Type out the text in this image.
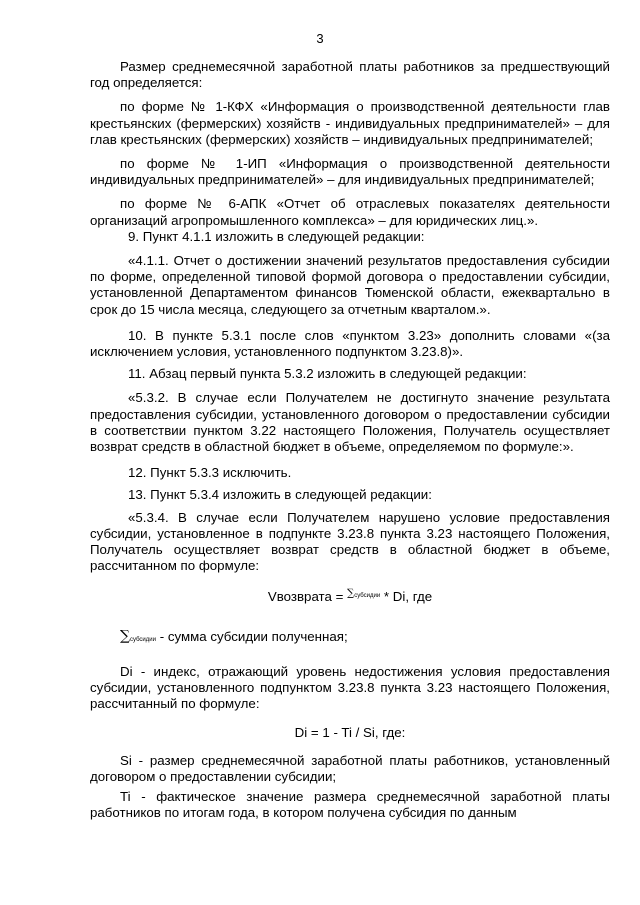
3

Размер среднемесячной заработной платы работников за предшествующий год определяется:

по форме № 1-КФХ «Информация о производственной деятельности глав крестьянских (фермерских) хозяйств - индивидуальных предпринимателей» – для глав крестьянских (фермерских) хозяйств – индивидуальных предпринимателей;

по форме № 1-ИП «Информация о производственной деятельности индивидуальных предпринимателей» – для индивидуальных предпринимателей;

по форме № 6-АПК «Отчет об отраслевых показателях деятельности организаций агропромышленного комплекса» – для юридических лиц.».

9. Пункт 4.1.1 изложить в следующей редакции:

«4.1.1. Отчет о достижении значений результатов предоставления субсидии по форме, определенной типовой формой договора о предоставлении субсидии, установленной Департаментом финансов Тюменской области, ежеквартально в срок до 15 числа месяца, следующего за отчетным кварталом.».

10. В пункте 5.3.1 после слов «пунктом 3.23» дополнить словами «(за исключением условия, установленного подпунктом 3.23.8)».

11. Абзац первый пункта 5.3.2 изложить в следующей редакции:

«5.3.2. В случае если Получателем не достигнуто значение результата предоставления субсидии, установленного договором о предоставлении субсидии в соответствии пунктом 3.22 настоящего Положения, Получатель осуществляет возврат средств в областной бюджет в объеме, определяемом по формуле:».

12. Пункт 5.3.3 исключить.

13. Пункт 5.3.4 изложить в следующей редакции:

«5.3.4. В случае если Получателем нарушено условие предоставления субсидии, установленное в подпункте 3.23.8 пункта 3.23 настоящего Положения, Получатель осуществляет возврат средств в областной бюджет в объеме, рассчитанном по формуле:

Vвозврата = $^{\sum субсидии}$ * Di, где
∑субсидии - сумма субсидии полученная;

Di - индекс, отражающий уровень недостижения условия предоставления субсидии, установленного подпунктом 3.23.8 пункта 3.23 настоящего Положения, рассчитанный по формуле:

Di = 1 - Ti / Si, где:

Si - размер среднемесячной заработной платы работников, установленный договором о предоставлении субсидии;

Ti - фактическое значение размера среднемесячной заработной платы работников по итогам года, в котором получена субсидия по данным
